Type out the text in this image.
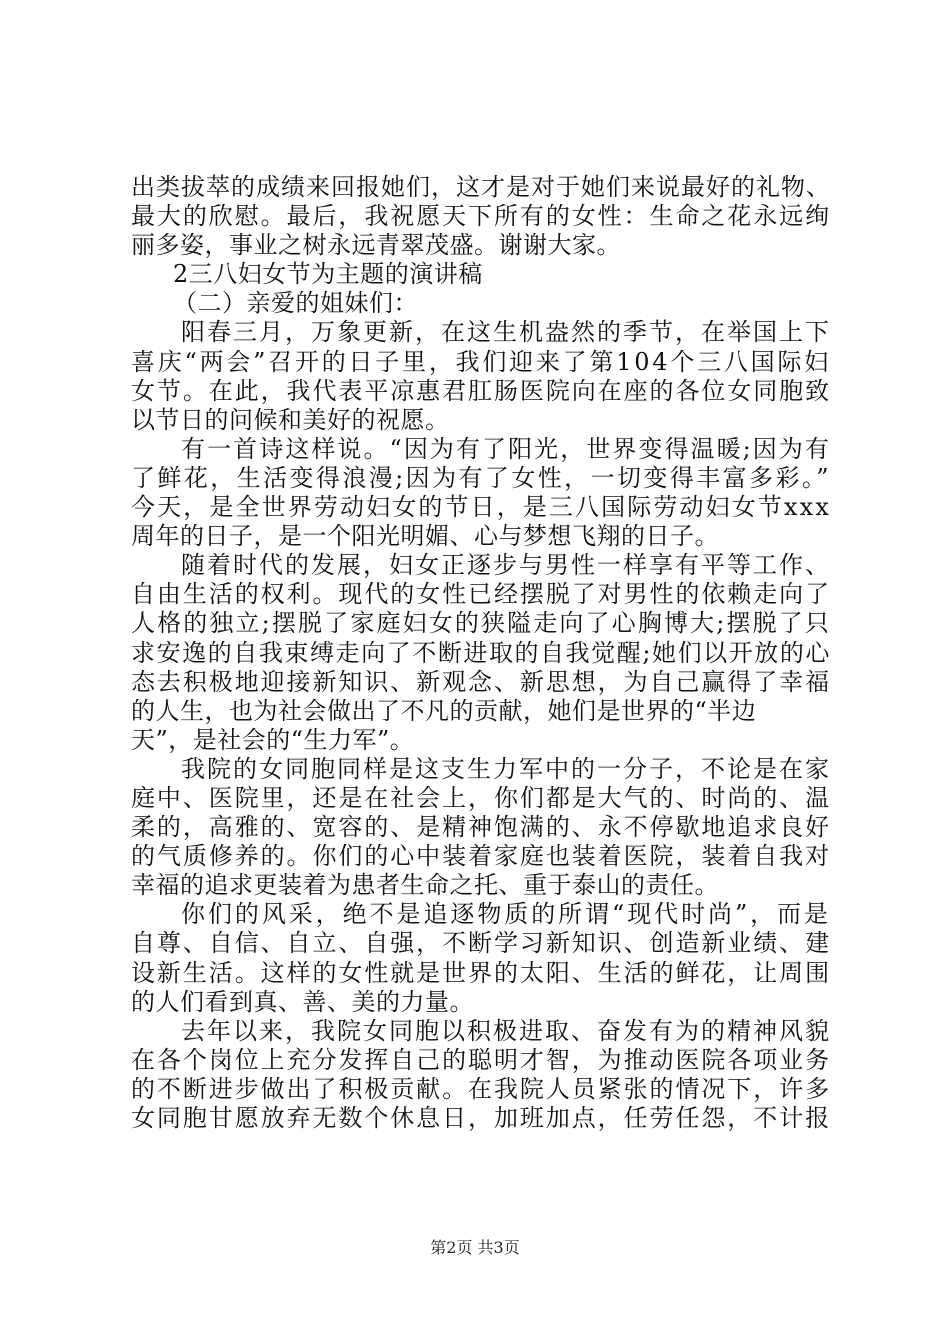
出类拔萃的成绩来回报她们，这才是对于她们来说最好的礼物、
最大的欣慰。最后，我祝愿天下所有的女性：生命之花永远绚
丽多姿，事业之树永远青翠茂盛。谢谢大家。
2三八妇女节为主题的演讲稿
（二）亲爱的姐妹们：
阳春三月，万象更新，在这生机盎然的季节，在举国上下
喜庆“两会”召开的日子里，我们迎来了第104个三八国际妇
女节。在此，我代表平凉惠君肛肠医院向在座的各位女同胞致
以节日的问候和美好的祝愿。
有一首诗这样说。“因为有了阳光，世界变得温暖;因为有
了鲜花，生活变得浪漫;因为有了女性，一切变得丰富多彩。”
今天，是全世界劳动妇女的节日，是三八国际劳动妇女节xxx
周年的日子，是一个阳光明媚、心与梦想飞翔的日子。
随着时代的发展，妇女正逐步与男性一样享有平等工作、
自由生活的权利。现代的女性已经摆脱了对男性的依赖走向了
人格的独立;摆脱了家庭妇女的狭隘走向了心胸博大;摆脱了只
求安逸的自我束缚走向了不断进取的自我觉醒;她们以开放的心
态去积极地迎接新知识、新观念、新思想，为自己赢得了幸福
的人生，也为社会做出了不凡的贡献，她们是世界的“半边
天”，是社会的“生力军”。
我院的女同胞同样是这支生力军中的一分子，不论是在家
庭中、医院里，还是在社会上，你们都是大气的、时尚的、温
柔的，高雅的、宽容的、是精神饱满的、永不停歇地追求良好
的气质修养的。你们的心中装着家庭也装着医院，装着自我对
幸福的追求更装着为患者生命之托、重于泰山的责任。
你们的风采，绝不是追逐物质的所谓“现代时尚”，而是
自尊、自信、自立、自强，不断学习新知识、创造新业绩、建
设新生活。这样的女性就是世界的太阳、生活的鲜花，让周围
的人们看到真、善、美的力量。
去年以来，我院女同胞以积极进取、奋发有为的精神风貌
在各个岗位上充分发挥自己的聪明才智，为推动医院各项业务
的不断进步做出了积极贡献。在我院人员紧张的情况下，许多
女同胞甘愿放弃无数个休息日，加班加点，任劳任怨，不计报
第2页 共3页
